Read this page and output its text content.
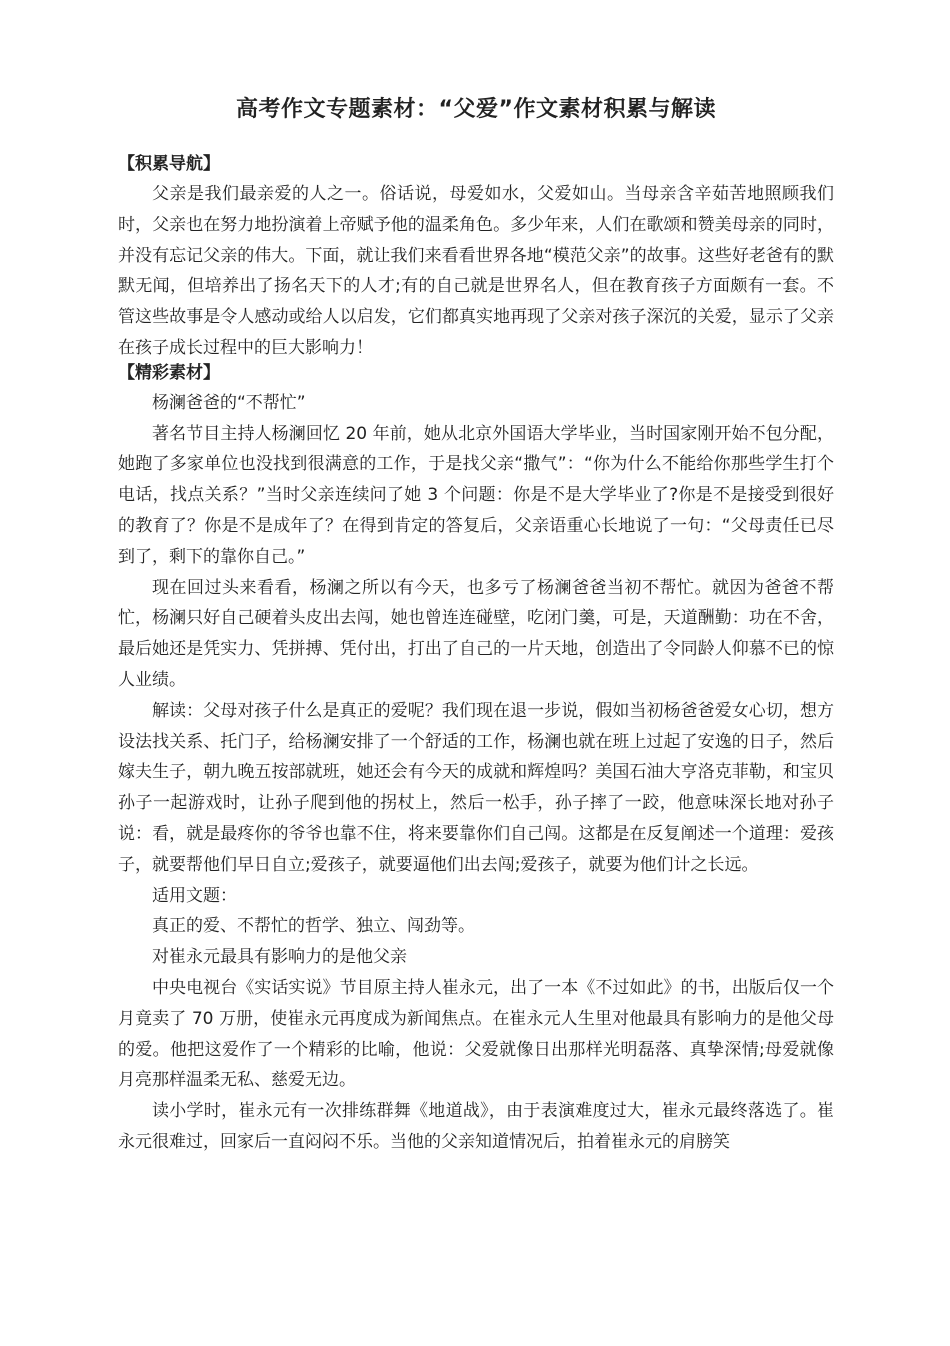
高考作文专题素材：“父爱”作文素材积累与解读
【积累导航】

父亲是我们最亲爱的人之一。俗话说，母爱如水，父爱如山。当母亲含辛茹苦地照顾我们时，父亲也在努力地扮演着上帝赋予他的温柔角色。多少年来，人们在歌颂和赞美母亲的同时，并没有忘记父亲的伟大。下面，就让我们来看看世界各地“模范父亲”的故事。这些好老爸有的默默无闻，但培养出了扬名天下的人才;有的自己就是世界名人，但在教育孩子方面颇有一套。不管这些故事是令人感动或给人以启发，它们都真实地再现了父亲对孩子深沉的关爱，显示了父亲在孩子成长过程中的巨大影响力！

【精彩素材】

杨澜爸爸的“不帮忙”

著名节目主持人杨澜回忆 20 年前，她从北京外国语大学毕业，当时国家刚开始不包分配，她跑了多家单位也没找到很满意的工作，于是找父亲“撒气”：“你为什么不能给你那些学生打个电话，找点关系？”当时父亲连续问了她 3 个问题：你是不是大学毕业了?你是不是接受到很好的教育了？你是不是成年了？在得到肯定的答复后，父亲语重心长地说了一句：“父母责任已尽到了，剩下的靠你自己。”

现在回过头来看看，杨澜之所以有今天，也多亏了杨澜爸爸当初不帮忙。就因为爸爸不帮忙，杨澜只好自己硬着头皮出去闯，她也曾连连碰壁，吃闭门羹，可是，天道酬勤：功在不舍，最后她还是凭实力、凭拼搏、凭付出，打出了自己的一片天地，创造出了令同龄人仰慕不已的惊人业绩。

解读：父母对孩子什么是真正的爱呢？我们现在退一步说，假如当初杨爸爸爱女心切，想方设法找关系、托门子，给杨澜安排了一个舒适的工作，杨澜也就在班上过起了安逸的日子，然后嫁夫生子，朝九晚五按部就班，她还会有今天的成就和辉煌吗？美国石油大亨洛克菲勒，和宝贝孙子一起游戏时，让孙子爬到他的拐杖上，然后一松手，孙子摔了一跤，他意味深长地对孙子说：看，就是最疼你的爷爷也靠不住，将来要靠你们自己闯。这都是在反复阐述一个道理：爱孩子，就要帮他们早日自立;爱孩子，就要逼他们出去闯;爱孩子，就要为他们计之长远。

适用文题：

真正的爱、不帮忙的哲学、独立、闯劲等。

对崔永元最具有影响力的是他父亲

中央电视台《实话实说》节目原主持人崔永元，出了一本《不过如此》的书，出版后仅一个月竟卖了 70 万册，使崔永元再度成为新闻焦点。在崔永元人生里对他最具有影响力的是他父母的爱。他把这爱作了一个精彩的比喻，他说：父爱就像日出那样光明磊落、真挚深情;母爱就像月亮那样温柔无私、慈爱无边。

读小学时，崔永元有一次排练群舞《地道战》，由于表演难度过大，崔永元最终落选了。崔永元很难过，回家后一直闷闷不乐。当他的父亲知道情况后，拍着崔永元的肩膀笑
